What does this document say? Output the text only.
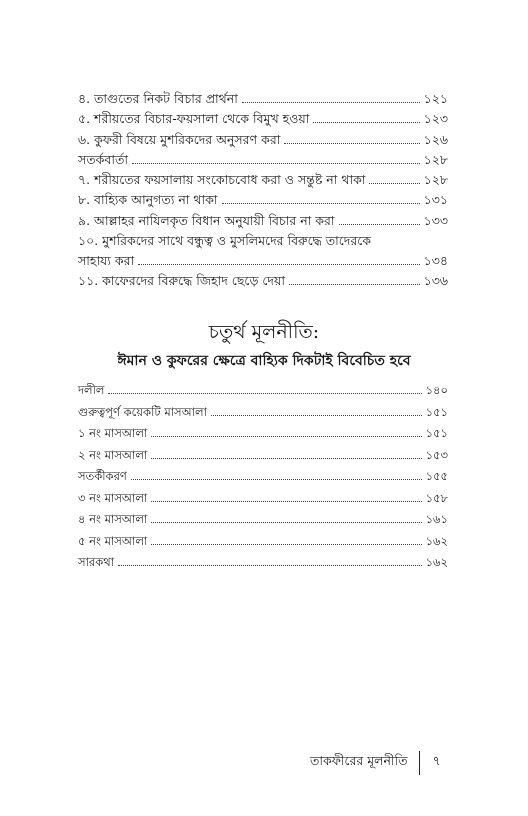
৪. তাগুতের নিকট বিচার প্রার্থনা	১২১
৫. শরীয়তের বিচার-ফয়সালা থেকে বিমুখ হওয়া	১২৩
৬. কুফরী বিষয়ে মুশরিকদের অনুসরণ করা	১২৬
সতর্কবার্তা	১২৮
৭. শরীয়তের ফয়সালায় সংকোচবোধ করা ও সন্তুষ্ট না থাকা	১২৮
৮. বাহ্যিক আনুগত্য না থাকা	১৩১
৯. আল্লাহর নাযিলকৃত বিধান অনুযায়ী বিচার না করা	১৩৩
১০. মুশরিকদের সাথে বন্ধুত্ব ও মুসলিমদের বিরুদ্ধে তাদেরকে
সাহায্য করা	১৩৪
১১. কাফেরদের বিরুদ্ধে জিহাদ ছেড়ে দেয়া	১৩৬
চতুর্থ মূলনীতি:
ঈমান ও কুফরের ক্ষেত্রে বাহ্যিক দিকটাই বিবেচিত হবে
দলীল	১৪০
গুরুত্বপূর্ণ কয়েকটি মাসআলা	১৫১
১ নং মাসআলা	১৫১
২ নং মাসআলা	১৫৩
সতর্কীকরণ	১৫৫
৩ নং মাসআলা	১৫৮
৪ নং মাসআলা	১৬১
৫ নং মাসআলা	১৬২
সারকথা	১৬২
তাকফীরের মূলনীতি ৭
